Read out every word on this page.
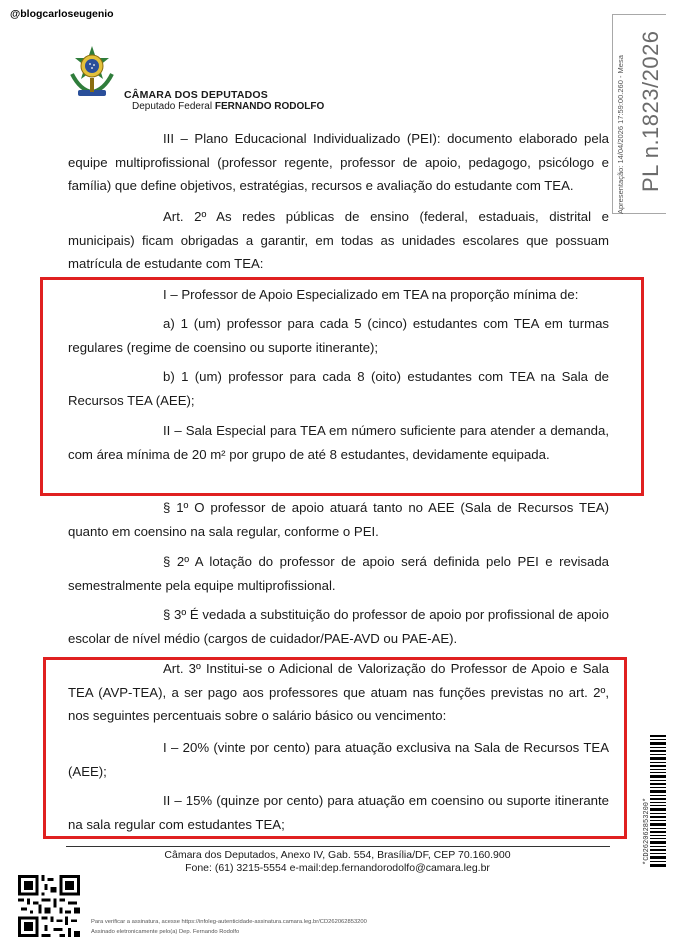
@blogcarloseugenio
CÂMARA DOS DEPUTADOS
Deputado Federal FERNANDO RODOLFO	Apresentação: 14/04/2026 17:59:00.260 - Mesa PL n.1823/2026
*CD262062853200*
III – Plano Educacional Individualizado (PEI): documento elaborado pela equipe multiprofissional (professor regente, professor de apoio, pedagogo, psicólogo e família) que define objetivos, estratégias, recursos e avaliação do estudante com TEA.
Art. 2º As redes públicas de ensino (federal, estaduais, distrital e municipais) ficam obrigadas a garantir, em todas as unidades escolares que possuam matrícula de estudante com TEA:
I – Professor de Apoio Especializado em TEA na proporção mínima de:
a) 1 (um) professor para cada 5 (cinco) estudantes com TEA em turmas regulares (regime de coensino ou suporte itinerante);
b) 1 (um) professor para cada 8 (oito) estudantes com TEA na Sala de Recursos TEA (AEE);
II – Sala Especial para TEA em número suficiente para atender a demanda, com área mínima de 20 m² por grupo de até 8 estudantes, devidamente equipada.
§ 1º O professor de apoio atuará tanto no AEE (Sala de Recursos TEA) quanto em coensino na sala regular, conforme o PEI.
§ 2º A lotação do professor de apoio será definida pelo PEI e revisada semestralmente pela equipe multiprofissional.
§ 3º É vedada a substituição do professor de apoio por profissional de apoio escolar de nível médio (cargos de cuidador/PAE-AVD ou PAE-AE).
Art. 3º Institui-se o Adicional de Valorização do Professor de Apoio e Sala TEA (AVP-TEA), a ser pago aos professores que atuam nas funções previstas no art. 2º, nos seguintes percentuais sobre o salário básico ou vencimento:
I – 20% (vinte por cento) para atuação exclusiva na Sala de Recursos TEA (AEE);
II – 15% (quinze por cento) para atuação em coensino ou suporte itinerante na sala regular com estudantes TEA;
Câmara dos Deputados, Anexo IV, Gab. 554, Brasília/DF, CEP 70.160.900
Fone: (61) 3215-5554 e-mail:dep.fernandorodolfo@camara.leg.br
Para verificar a assinatura, acesse https://infoleg-autenticidade-assinatura.camara.leg.br/CD262062853200
Assinado eletronicamente pelo(a) Dep. Fernando Rodolfo
